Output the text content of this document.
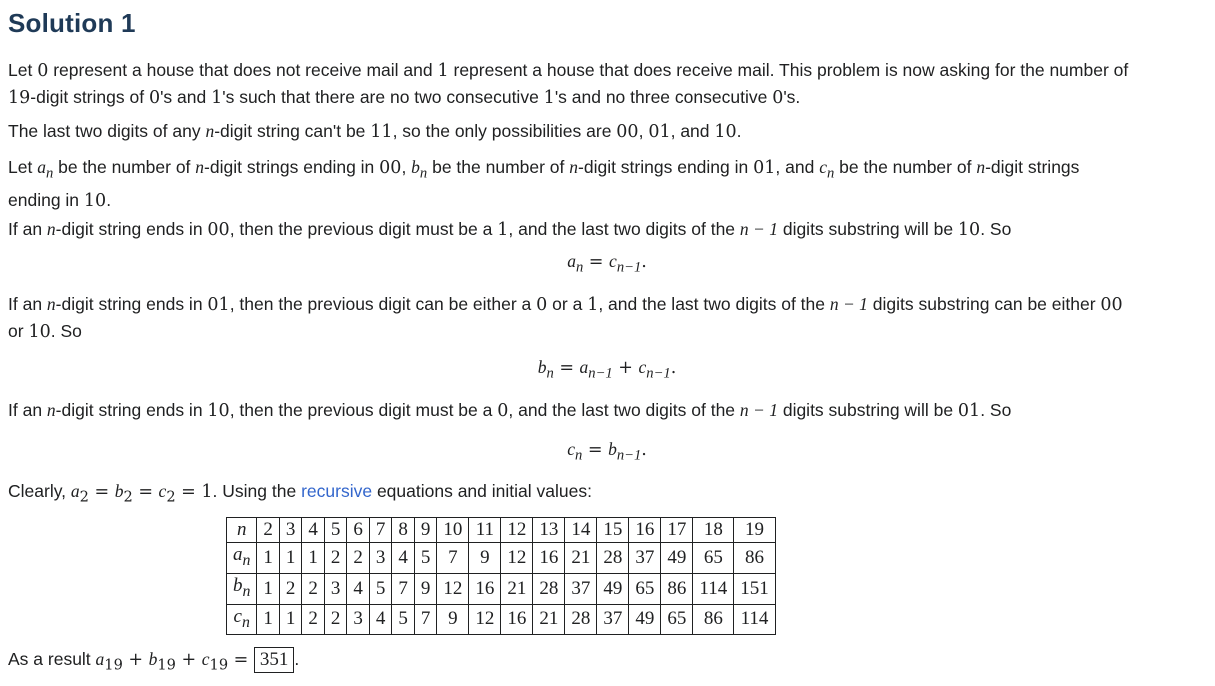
Solution 1
Let 0 represent a house that does not receive mail and 1 represent a house that does receive mail. This problem is now asking for the number of
19-digit strings of 0's and 1's such that there are no two consecutive 1's and no three consecutive 0's.
The last two digits of any n-digit string can't be 11, so the only possibilities are 00, 01, and 10.
Let $a_n$ be the number of n-digit strings ending in 00, $b_n$ be the number of n-digit strings ending in 01, and $c_n$ be the number of n-digit strings
ending in 10.
If an n-digit string ends in 00, then the previous digit must be a 1, and the last two digits of the n − 1 digits substring will be 10. So
$a_n = c_{n-1}$.
If an n-digit string ends in 01, then the previous digit can be either a 0 or a 1, and the last two digits of the n − 1 digits substring can be either 00
or 10. So
$b_n = a_{n-1} + c_{n-1}$.
If an n-digit string ends in 10, then the previous digit must be a 0, and the last two digits of the n − 1 digits substring will be 01. So
$c_n = b_{n-1}$.
Clearly, $a_2 = b_2 = c_2 = 1$. Using the recursive equations and initial values:
n	2	3	4	5	6	7	8	9	10	11	12	13	14	15	16	17	18	19
$a_n$	1	1	1	2	2	3	4	5	7	9	12	16	21	28	37	49	65	86
$b_n$	1	2	2	3	4	5	7	9	12	16	21	28	37	49	65	86	114	151
$c_n$	1	1	2	2	3	4	5	7	9	12	16	21	28	37	49	65	86	114
As a result $a_{19} + b_{19} + c_{19} = 351$ .
